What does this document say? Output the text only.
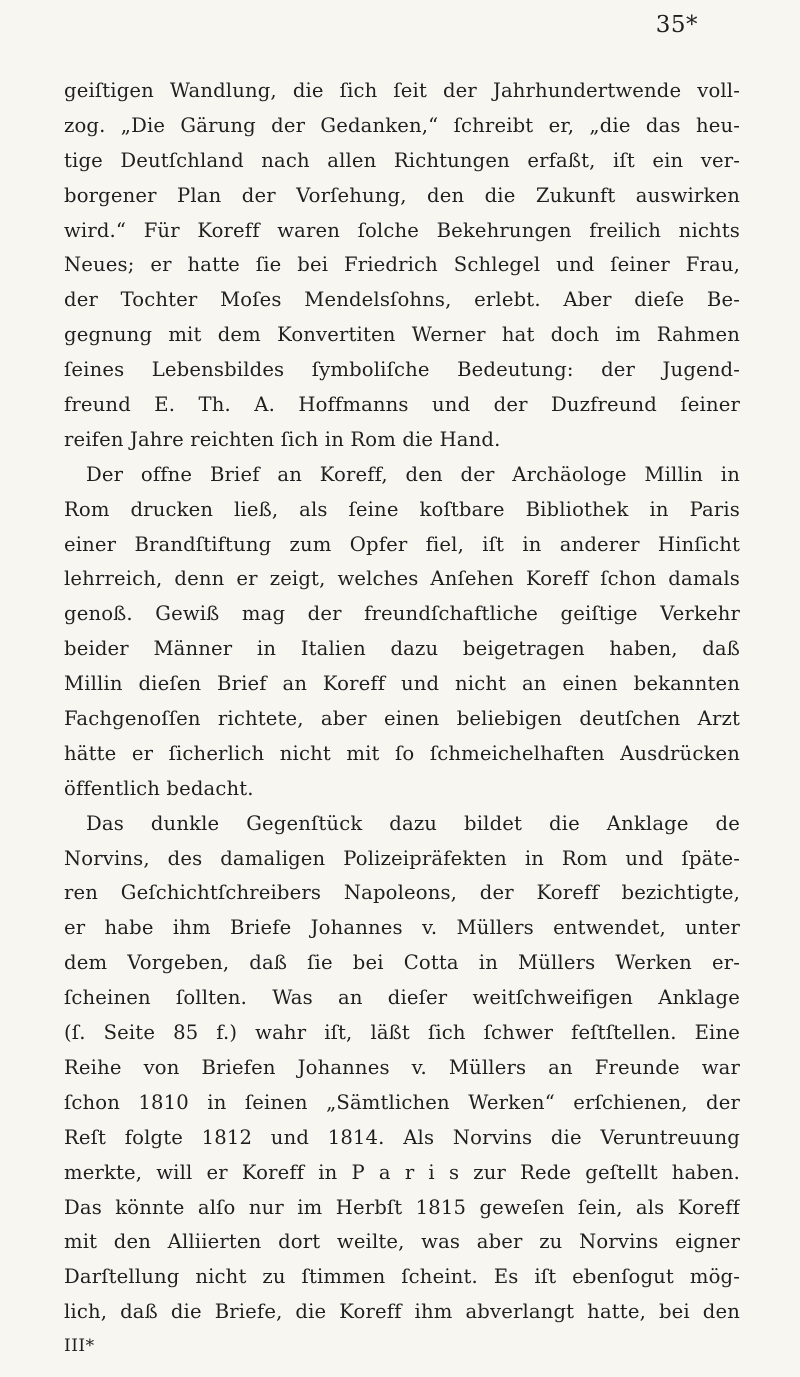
35*
geiſtigen Wandlung, die ſich ſeit der Jahrhundertwende voll-
zog. „Die Gärung der Gedanken,“ ſchreibt er, „die das heu-
tige Deutſchland nach allen Richtungen erfaßt, iſt ein ver-
borgener Plan der Vorſehung, den die Zukunft auswirken
wird.“ Für Koreff waren ſolche Bekehrungen freilich nichts
Neues; er hatte ſie bei Friedrich Schlegel und ſeiner Frau,
der Tochter Moſes Mendelsſohns, erlebt. Aber dieſe Be-
gegnung mit dem Konvertiten Werner hat doch im Rahmen
ſeines Lebensbildes ſymboliſche Bedeutung: der Jugend-
freund E. Th. A. Hoffmanns und der Duzfreund ſeiner
reifen Jahre reichten ſich in Rom die Hand.
Der offne Brief an Koreff, den der Archäologe Millin in
Rom drucken ließ, als ſeine koſtbare Bibliothek in Paris
einer Brandſtiftung zum Opfer fiel, iſt in anderer Hinſicht
lehrreich, denn er zeigt, welches Anſehen Koreff ſchon damals
genoß. Gewiß mag der freundſchaftliche geiſtige Verkehr
beider Männer in Italien dazu beigetragen haben, daß
Millin dieſen Brief an Koreff und nicht an einen bekannten
Fachgenoſſen richtete, aber einen beliebigen deutſchen Arzt
hätte er ſicherlich nicht mit ſo ſchmeichelhaften Ausdrücken
öffentlich bedacht.
Das dunkle Gegenſtück dazu bildet die Anklage de
Norvins, des damaligen Polizeipräfekten in Rom und ſpäte-
ren Geſchichtſchreibers Napoleons, der Koreff bezichtigte,
er habe ihm Briefe Johannes v. Müllers entwendet, unter
dem Vorgeben, daß ſie bei Cotta in Müllers Werken er-
ſcheinen ſollten. Was an dieſer weitſchweifigen Anklage
(ſ. Seite 85 f.) wahr iſt, läßt ſich ſchwer feſtſtellen. Eine
Reihe von Briefen Johannes v. Müllers an Freunde war
ſchon 1810 in ſeinen „Sämtlichen Werken“ erſchienen, der
Reſt folgte 1812 und 1814. Als Norvins die Veruntreuung
merkte, will er Koreff in P a r i s zur Rede geſtellt haben.
Das könnte alſo nur im Herbſt 1815 geweſen ſein, als Koreff
mit den Alliierten dort weilte, was aber zu Norvins eigner
Darſtellung nicht zu ſtimmen ſcheint. Es iſt ebenſogut mög-
lich, daß die Briefe, die Koreff ihm abverlangt hatte, bei den
III*
